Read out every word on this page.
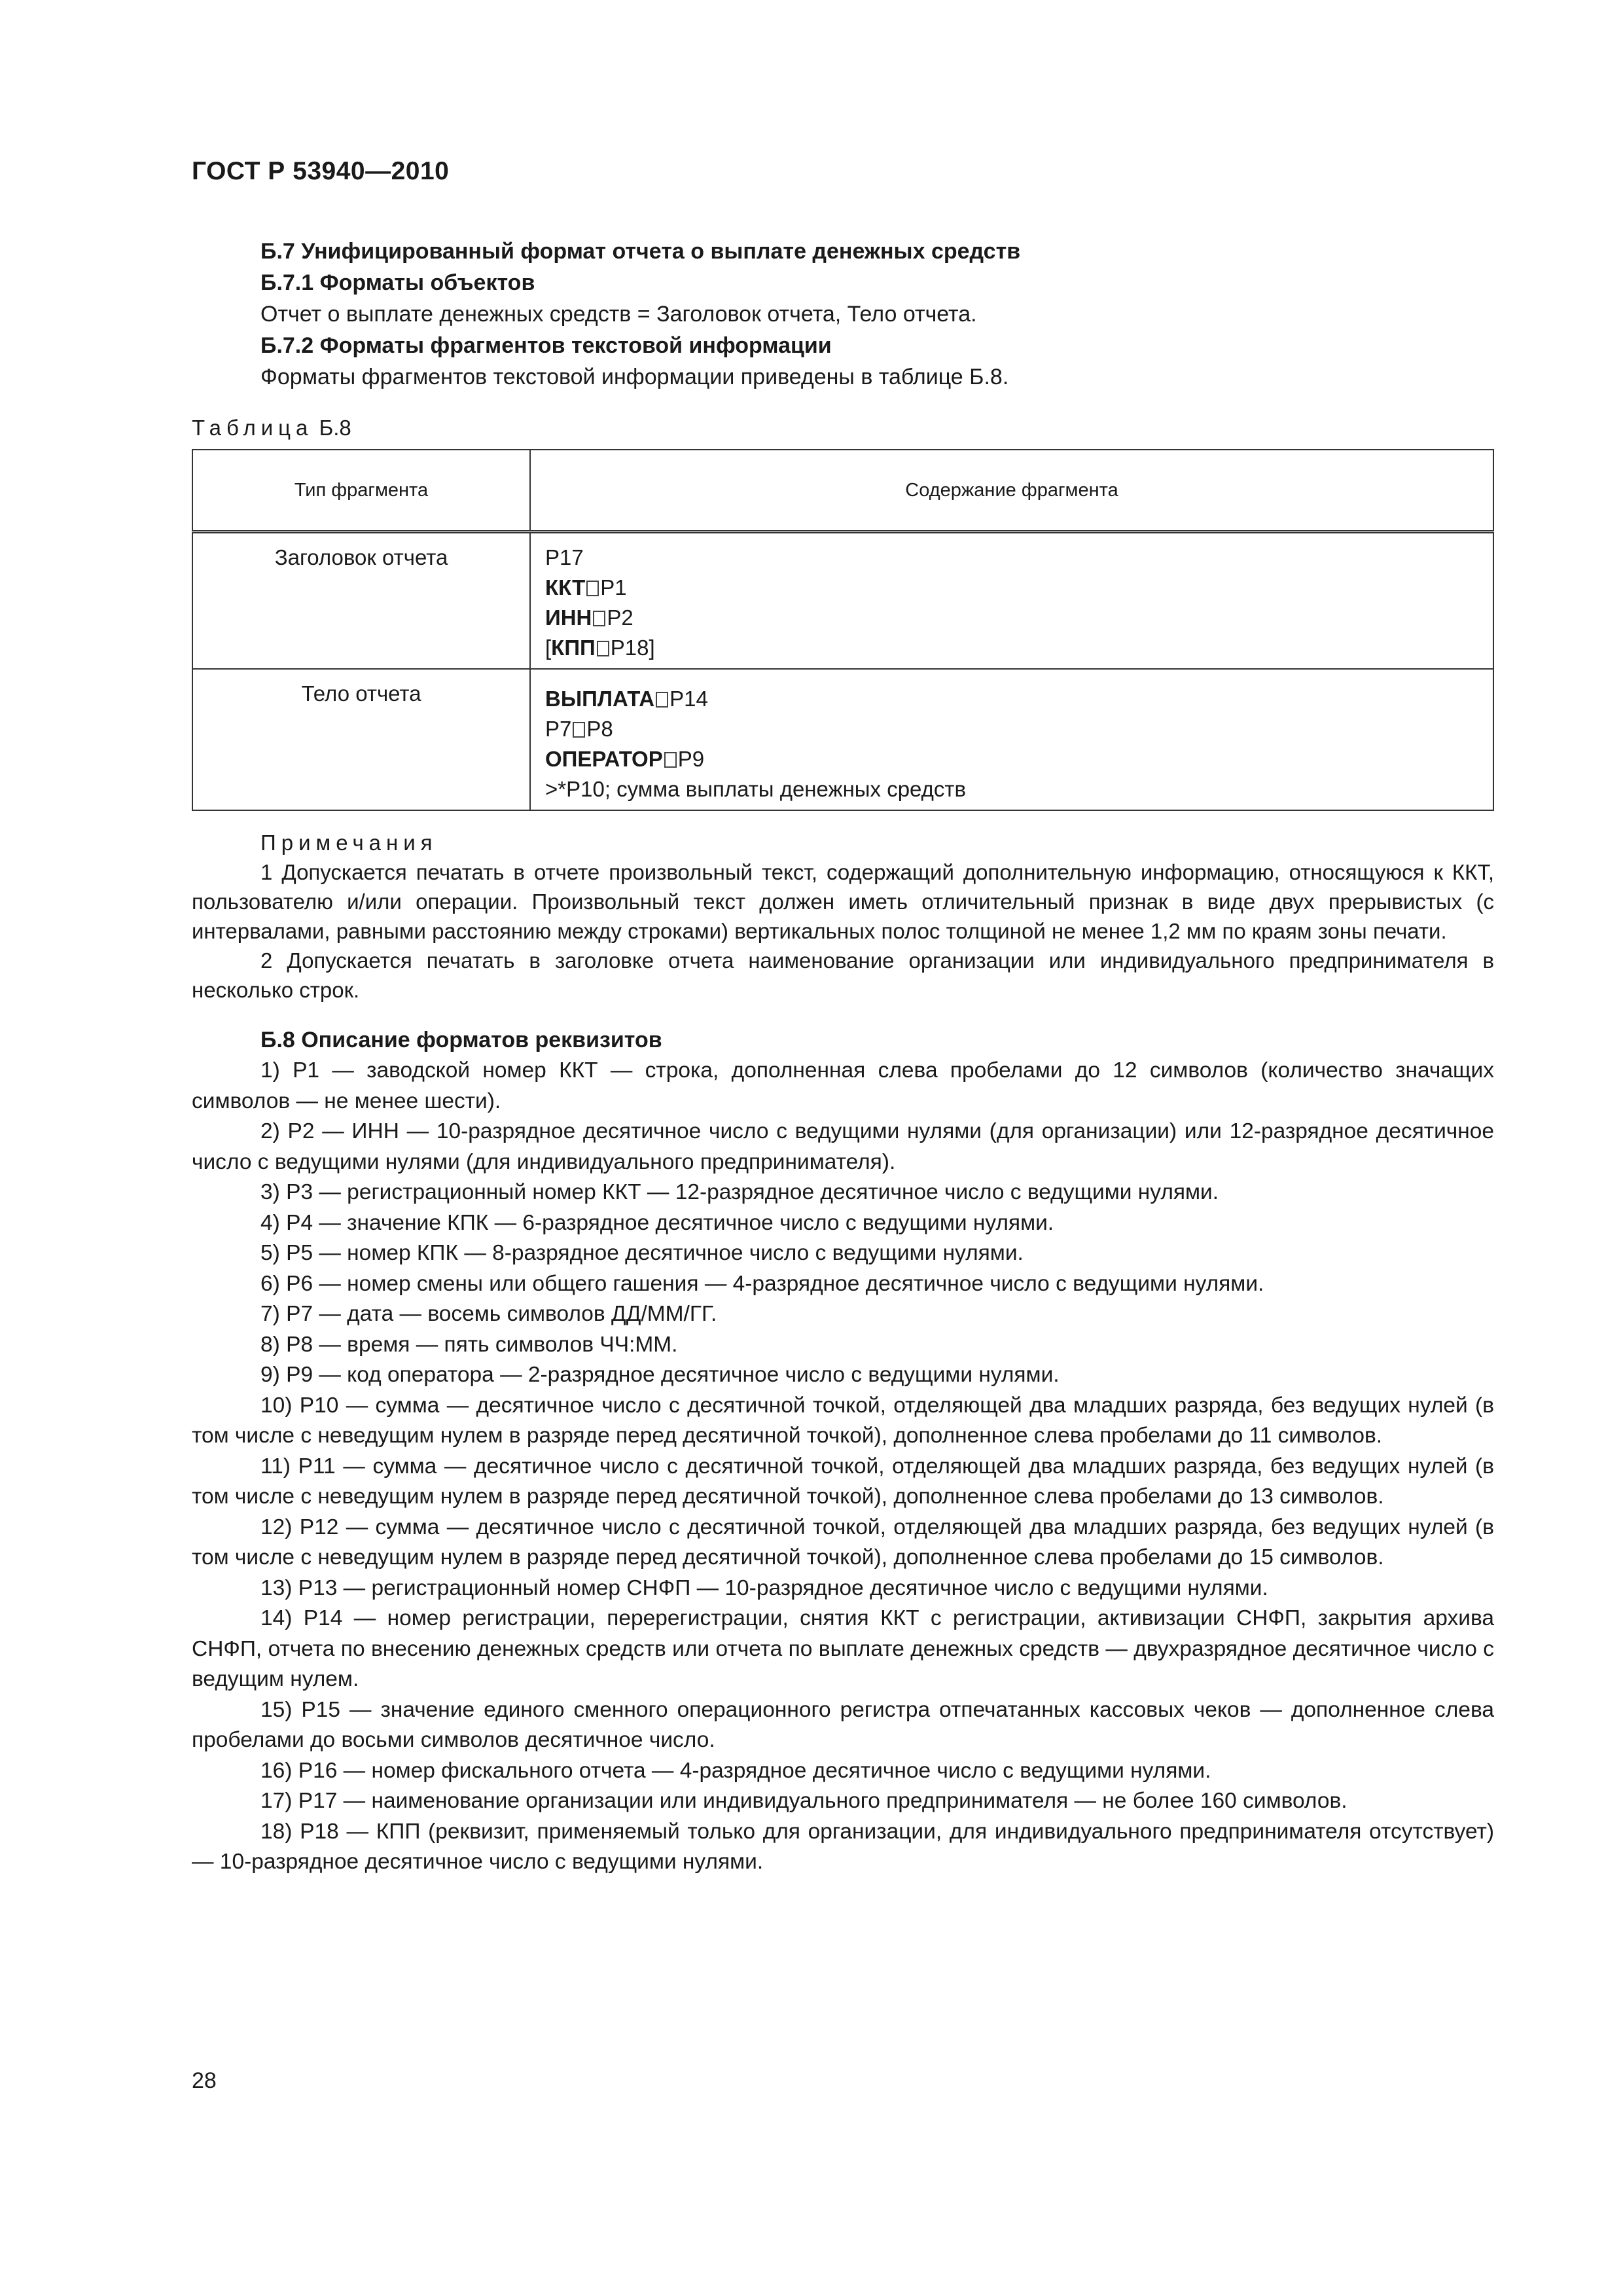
ГОСТ Р 53940—2010
Б.7 Унифицированный формат отчета о выплате денежных средств
Б.7.1 Форматы объектов
Отчет о выплате денежных средств = Заголовок отчета, Тело отчета.
Б.7.2 Форматы фрагментов текстовой информации
Форматы фрагментов текстовой информации приведены в таблице Б.8.
Таблица Б.8
Тип фрагмента	Содержание фрагмента
Заголовок отчета	Р17
ККТ Р1
ИНН Р2
[КПП Р18]

Тело отчета	ВЫПЛАТА Р14
Р7 Р8
ОПЕРАТОР Р9
>*Р10; сумма выплаты денежных средств
Примечания
1 Допускается печатать в отчете произвольный текст, содержащий дополнительную информацию, относящуюся к ККТ, пользователю и/или операции. Произвольный текст должен иметь отличительный признак в виде двух прерывистых (с интервалами, равными расстоянию между строками) вертикальных полос толщиной не менее 1,2 мм по краям зоны печати.
2 Допускается печатать в заголовке отчета наименование организации или индивидуального предпринимателя в несколько строк.
Б.8 Описание форматов реквизитов
1) Р1 — заводской номер ККТ — строка, дополненная слева пробелами до 12 символов (количество значащих символов — не менее шести).
2) Р2 — ИНН — 10-разрядное десятичное число с ведущими нулями (для организации) или 12-разрядное десятичное число с ведущими нулями (для индивидуального предпринимателя).
3) Р3 — регистрационный номер ККТ — 12-разрядное десятичное число с ведущими нулями.
4) Р4 — значение КПК — 6-разрядное десятичное число с ведущими нулями.
5) Р5 — номер КПК — 8-разрядное десятичное число с ведущими нулями.
6) Р6 — номер смены или общего гашения — 4-разрядное десятичное число с ведущими нулями.
7) Р7 — дата — восемь символов ДД/ММ/ГГ.
8) Р8 — время — пять символов ЧЧ:ММ.
9) Р9 — код оператора — 2-разрядное десятичное число с ведущими нулями.
10) Р10 — сумма — десятичное число с десятичной точкой, отделяющей два младших разряда, без ведущих нулей (в том числе с неведущим нулем в разряде перед десятичной точкой), дополненное слева пробелами до 11 символов.
11) Р11 — сумма — десятичное число с десятичной точкой, отделяющей два младших разряда, без ведущих нулей (в том числе с неведущим нулем в разряде перед десятичной точкой), дополненное слева пробелами до 13 символов.
12) Р12 — сумма — десятичное число с десятичной точкой, отделяющей два младших разряда, без ведущих нулей (в том числе с неведущим нулем в разряде перед десятичной точкой), дополненное слева пробелами до 15 символов.
13) Р13 — регистрационный номер СНФП — 10-разрядное десятичное число с ведущими нулями.
14) Р14 — номер регистрации, перерегистрации, снятия ККТ с регистрации, активизации СНФП, закрытия архива СНФП, отчета по внесению денежных средств или отчета по выплате денежных средств — двухразрядное десятичное число с ведущим нулем.
15) Р15 — значение единого сменного операционного регистра отпечатанных кассовых чеков — дополненное слева пробелами до восьми символов десятичное число.
16) Р16 — номер фискального отчета — 4-разрядное десятичное число с ведущими нулями.
17) Р17 — наименование организации или индивидуального предпринимателя — не более 160 символов.
18) Р18 — КПП (реквизит, применяемый только для организации, для индивидуального предпринимателя отсутствует) — 10-разрядное десятичное число с ведущими нулями.
28
